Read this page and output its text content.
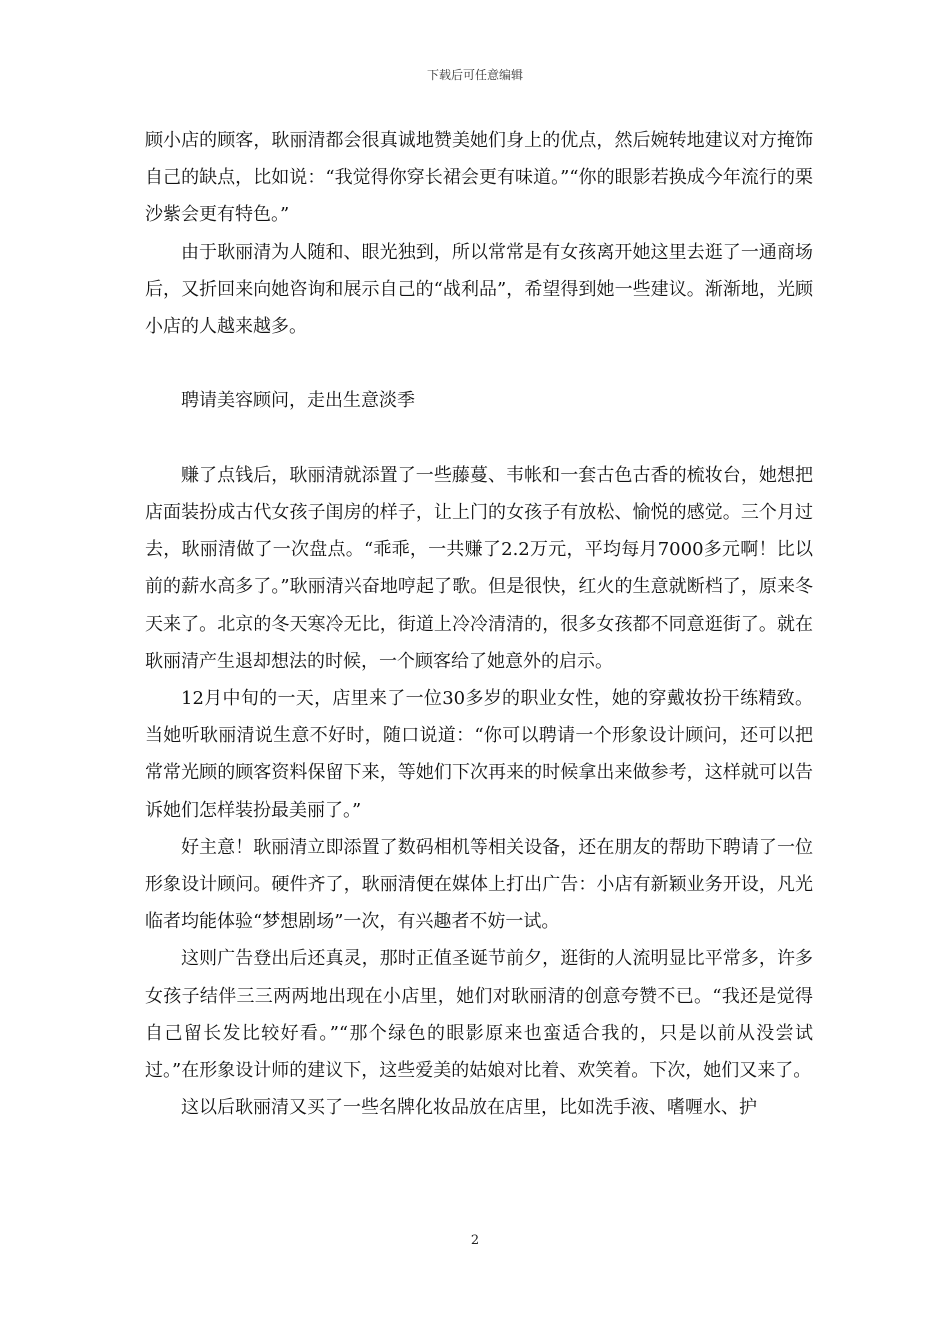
下载后可任意编辑

顾小店的顾客，耿丽清都会很真诚地赞美她们身上的优点，然后婉转地建议对方掩饰自己的缺点，比如说：“我觉得你穿长裙会更有味道。”“你的眼影若换成今年流行的栗沙紫会更有特色。”

由于耿丽清为人随和、眼光独到，所以常常是有女孩离开她这里去逛了一通商场后，又折回来向她咨询和展示自己的“战利品”，希望得到她一些建议。渐渐地，光顾小店的人越来越多。

聘请美容顾问，走出生意淡季

赚了点钱后，耿丽清就添置了一些藤蔓、韦帐和一套古色古香的梳妆台，她想把店面装扮成古代女孩子闺房的样子，让上门的女孩子有放松、愉悦的感觉。三个月过去，耿丽清做了一次盘点。“乖乖，一共赚了2.2万元，平均每月7000多元啊！比以前的薪水高多了。”耿丽清兴奋地哼起了歌。但是很快，红火的生意就断档了，原来冬天来了。北京的冬天寒冷无比，街道上冷冷清清的，很多女孩都不同意逛街了。就在耿丽清产生退却想法的时候，一个顾客给了她意外的启示。

12月中旬的一天，店里来了一位30多岁的职业女性，她的穿戴妆扮干练精致。当她听耿丽清说生意不好时，随口说道：“你可以聘请一个形象设计顾问，还可以把常常光顾的顾客资料保留下来，等她们下次再来的时候拿出来做参考，这样就可以告诉她们怎样装扮最美丽了。”

好主意！耿丽清立即添置了数码相机等相关设备，还在朋友的帮助下聘请了一位形象设计顾问。硬件齐了，耿丽清便在媒体上打出广告：小店有新颖业务开设，凡光临者均能体验“梦想剧场”一次，有兴趣者不妨一试。

这则广告登出后还真灵，那时正值圣诞节前夕，逛街的人流明显比平常多，许多女孩子结伴三三两两地出现在小店里，她们对耿丽清的创意夸赞不已。“我还是觉得自己留长发比较好看。”“那个绿色的眼影原来也蛮适合我的，只是以前从没尝试过。”在形象设计师的建议下，这些爱美的姑娘对比着、欢笑着。下次，她们又来了。

这以后耿丽清又买了一些名牌化妆品放在店里，比如洗手液、嗜喱水、护

2
